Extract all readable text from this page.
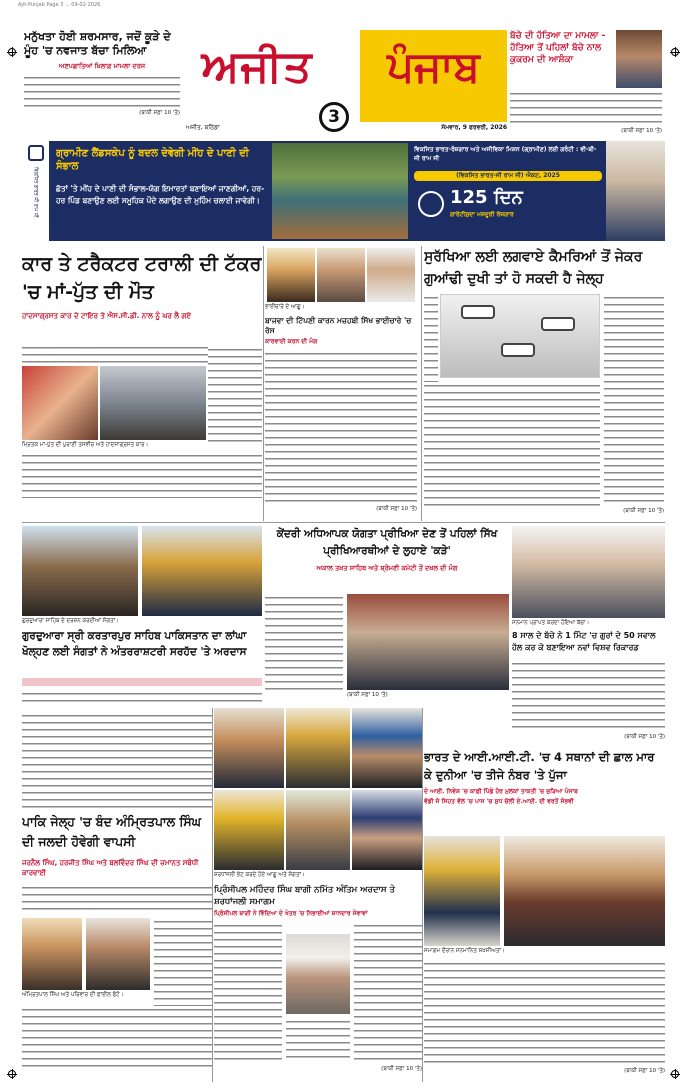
Ajit-Punjab Page 3 ... 09-02-2026
ਮਨੁੱਖਤਾ ਹੋਈ ਸ਼ਰਮਸਾਰ, ਜਦੋਂ ਕੂੜੇ ਦੇ ਮੂੰਹ 'ਚ ਨਵਜਾਤ ਬੱਚਾ ਮਿਲਿਆ
ਅਣਪਛਾਤਿਆਂ ਖ਼ਿਲਾਫ਼ ਮਾਮਲਾ ਦਰਜ
(ਬਾਕੀ ਸਫ਼ਾ 10 'ਤੇ)
ਅਜੀਤ	ਪੰਜਾਬ
3
ਅਜੀਤ, ਬਠਿੰਡਾ	ਸੋਮਵਾਰ, 9 ਫਰਵਰੀ, 2026
ਬੱਚੇ ਦੀ ਹੱਤਿਆ ਦਾ ਮਾਮਲਾ - ਹੱਤਿਆ ਤੋਂ ਪਹਿਲਾਂ ਬੱਚੇ ਨਾਲ ਕੁਕਰਮ ਦੀ ਆਸ਼ੰਕਾ
(ਬਾਕੀ ਸਫ਼ਾ 10 'ਤੇ)
ਵਿਕਸਿਤ ਭਾਰਤ ਜੀ ਰਾਮ ਜੀ
ਗ੍ਰਾਮੀਣ ਲੈਂਡਸਕੇਪ ਨੂੰ ਬਦਲ ਦੇਵੇਗੀ ਮੀਂਹ ਦੇ ਪਾਣੀ ਦੀ ਸੰਭਾਲ
ਛੱਤਾਂ 'ਤੇ ਮੀਂਹ ਦੇ ਪਾਣੀ ਦੀ ਸੰਭਾਲ-ਯੋਗ ਇਮਾਰਤਾਂ ਬਣਾਇਆਂ ਜਾਣਗੀਆਂ, ਹਰ-ਹਰ ਪਿੰਡ ਬਣਾਉਣ ਲਈ ਸਮੂਹਿਕ ਪੌਦੇ ਲਗਾਉਣ ਦੀ ਮੁਹਿੰਮ ਚਲਾਈ ਜਾਵੇਗੀ।
ਵਿਕਸਿਤ ਭਾਰਤ-ਰੋਜ਼ਗਾਰ ਅਤੇ ਅਜੀਵਿਕਾ ਮਿਸ਼ਨ (ਗ੍ਰਾਮੀਣ) ਲਈ ਗਰੰਟੀ : ਵੀ-ਬੀ-ਜੀ ਰਾਮ ਜੀ
(ਵਿਕਸਿਤ ਭਾਰਤ-ਜੀ ਰਾਮ ਜੀ) ਐਕਟ, 2025
125 ਦਿਨ
ਗਾਰੰਟੀਸ਼ੁਦਾ ਮਜ਼ਦੂਰੀ ਰੋਜ਼ਗਾਰ
ਕਾਰ ਤੇ ਟਰੈਕਟਰ ਟਰਾਲੀ ਦੀ ਟੱਕਰ 'ਚ ਮਾਂ-ਪੁੱਤ ਦੀ ਮੌਤ
ਹਾਦਸਾਗ੍ਰਸਤ ਕਾਰ ਦੇ ਟਾਇਰ ਤੇ ਐਸ.ਸੀ.ਡੀ. ਨਾਲ ਨੂੰ ਘਰ ਲੈ ਗਏ
ਮ੍ਰਿਤਕ ਮਾਂ-ਪੁੱਤ ਦੀ ਪੁਰਾਣੀ ਤਸਵੀਰ ਅਤੇ ਹਾਦਸਾਗ੍ਰਸਤ ਕਾਰ।
ਭਾਈਚਾਰੇ ਦੇ ਆਗੂ।
ਬਾਜਵਾ ਦੀ ਟਿੱਪਣੀ ਕਾਰਨ ਮਜ਼ਹਬੀ ਸਿੱਖ ਭਾਈਚਾਰੇ 'ਚ ਰੋਸ
ਕਾਰਵਾਈ ਕਰਨ ਦੀ ਮੰਗ
(ਬਾਕੀ ਸਫ਼ਾ 10 'ਤੇ)
ਸੁਰੱਖਿਆ ਲਈ ਲਗਵਾਏ ਕੈਮਰਿਆਂ ਤੋਂ ਜੇਕਰ ਗੁਆਂਢੀ ਦੁਖੀ ਤਾਂ ਹੋ ਸਕਦੀ ਹੈ ਜੇਲ੍ਹ
(ਬਾਕੀ ਸਫ਼ਾ 10 'ਤੇ)
ਗੁਰਦੁਆਰਾ ਸਾਹਿਬ ਦੇ ਦਰਸ਼ਨ ਕਰਦੀਆਂ ਸੰਗਤਾਂ।
ਗੁਰਦੁਆਰਾ ਸ੍ਰੀ ਕਰਤਾਰਪੁਰ ਸਾਹਿਬ ਪਾਕਿਸਤਾਨ ਦਾ ਲਾਂਘਾ ਖੋਲ੍ਹਣ ਲਈ ਸੰਗਤਾਂ ਨੇ ਅੰਤਰਰਾਸ਼ਟਰੀ ਸਰਹੱਦ 'ਤੇ ਅਰਦਾਸ
ਕੇਂਦਰੀ ਅਧਿਆਪਕ ਯੋਗਤਾ ਪ੍ਰੀਖਿਆ ਦੇਣ ਤੋਂ ਪਹਿਲਾਂ ਸਿੱਖ ਪ੍ਰੀਖਿਆਰਥੀਆਂ ਦੇ ਲੁਹਾਏ 'ਕੜੇ'
ਅਕਾਲ ਤਖ਼ਤ ਸਾਹਿਬ ਅਤੇ ਸ਼੍ਰੋਮਣੀ ਕਮੇਟੀ ਤੋਂ ਦਖ਼ਲ ਦੀ ਮੰਗ
(ਬਾਕੀ ਸਫ਼ਾ 10 'ਤੇ)
ਸਨਮਾਨ ਪ੍ਰਾਪਤ ਕਰਦਾ ਹੋਇਆ ਬੱਚਾ।
8 ਸਾਲ ਦੇ ਬੱਚੇ ਨੇ 1 ਮਿੰਟ 'ਚ ਗੁਰਾਂ ਦੇ 50 ਸਵਾਲ ਹੱਲ ਕਰ ਕੇ ਬਣਾਇਆ ਨਵਾਂ ਵਿਸ਼ਵ ਰਿਕਾਰਡ
(ਬਾਕੀ ਸਫ਼ਾ 10 'ਤੇ)
ਪਾਕਿ ਜੇਲ੍ਹ 'ਚ ਬੰਦ ਅੰਮ੍ਰਿਤਪਾਲ ਸਿੰਘ ਦੀ ਜਲਦੀ ਹੋਵੇਗੀ ਵਾਪਸੀ
ਜਰਨੈਲ ਸਿੰਘ, ਹਰਜੀਤ ਸਿੰਘ ਅਤੇ ਬਲਵਿੰਦਰ ਸਿੰਘ ਦੀ ਜ਼ਮਾਨਤ ਸਬੰਧੀ ਕਾਰਵਾਈ
ਅੰਮ੍ਰਿਤਪਾਲ ਸਿੰਘ ਅਤੇ ਪਰਿਵਾਰ ਦੀ ਫਾਈਲ ਫੋਟੋ।
ਸ਼ਰਧਾਂਜਲੀ ਭੇਟ ਕਰਦੇ ਹੋਏ ਆਗੂ ਅਤੇ ਸੰਗਤਾਂ।
ਪ੍ਰਿੰਸੀਪਲ ਮਹਿੰਦਰ ਸਿੰਘ ਬਾਗੀ ਨਮਿੱਤ ਅੰਤਿਮ ਅਰਦਾਸ ਤੇ ਸ਼ਰਧਾਂਜਲੀ ਸਮਾਗਮ
ਪ੍ਰਿੰਸੀਪਲ ਬਾਗੀ ਨੇ ਵਿੱਦਿਆ ਦੇ ਖੇਤਰ 'ਚ ਨਿਭਾਈਆਂ ਸ਼ਾਨਦਾਰ ਸੇਵਾਵਾਂ
(ਬਾਕੀ ਸਫ਼ਾ 10 'ਤੇ)
ਭਾਰਤ ਦੇ ਆਈ.ਆਈ.ਟੀ. 'ਚ 4 ਸਥਾਨਾਂ ਦੀ ਛਾਲ ਮਾਰ ਕੇ ਦੁਨੀਆ 'ਚ ਤੀਜੇ ਨੰਬਰ 'ਤੇ ਪੁੱਜਾ
ਦੇ ਆਈ. ਨਿਵੇਸ਼ 'ਚ ਕਾਫ਼ੀ ਪਿੱਛੇ ਹੋਰ ਮੁਲਕਾਂ ਤਾਕਤੀ 'ਚ ਜੁੜਿਆ ਪੰਜਾਬ
ਵੱਡੀ ਜੋ ਸਿਹਤ ਵੱਲ 'ਚ ਪਾਸ 'ਚ ਸੁਧ ਚੱਲੀ ਏ.ਆਈ. ਦੀ ਵਰਤੋਂ ਸੰਭਵੀ
ਸਮਾਗਮ ਦੌਰਾਨ ਸਨਮਾਨਿਤ ਸ਼ਖ਼ਸੀਅਤਾਂ।
(ਬਾਕੀ ਸਫ਼ਾ 10 'ਤੇ)
